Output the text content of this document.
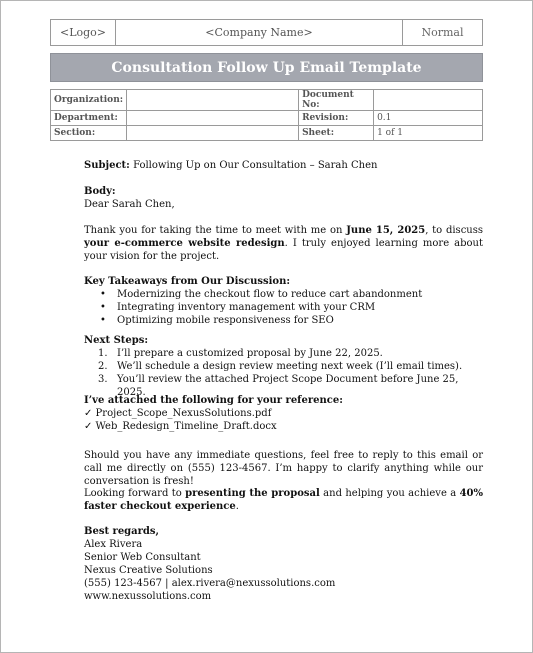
<Logo>	<Company Name>	Normal
Consultation Follow Up Email Template
Organization:		Document No:	
Department:		Revision:	0.1
Section:		Sheet:	1 of 1

Subject: Following Up on Our Consultation – Sarah Chen

Body:

Dear Sarah Chen,

Thank you for taking the time to meet with me on June 15, 2025, to discuss your e-commerce website redesign. I truly enjoyed learning more about your vision for the project.

Key Takeaways from Our Discussion:

• Modernizing the checkout flow to reduce cart abandonment
• Integrating inventory management with your CRM
• Optimizing mobile responsiveness for SEO

Next Steps:

1. I’ll prepare a customized proposal by June 22, 2025.
2. We’ll schedule a design review meeting next week (I’ll email times).
3. You’ll review the attached Project Scope Document before June 25, 2025.

I’ve attached the following for your reference:

✓ Project_Scope_NexusSolutions.pdf

✓ Web_Redesign_Timeline_Draft.docx

Should you have any immediate questions, feel free to reply to this email or call me directly on (555) 123-4567. I’m happy to clarify anything while our conversation is fresh!

Looking forward to presenting the proposal and helping you achieve a 40% faster checkout experience.

Best regards,

Alex Rivera

Senior Web Consultant

Nexus Creative Solutions

(555) 123-4567 | alex.rivera@nexussolutions.com

www.nexussolutions.com
